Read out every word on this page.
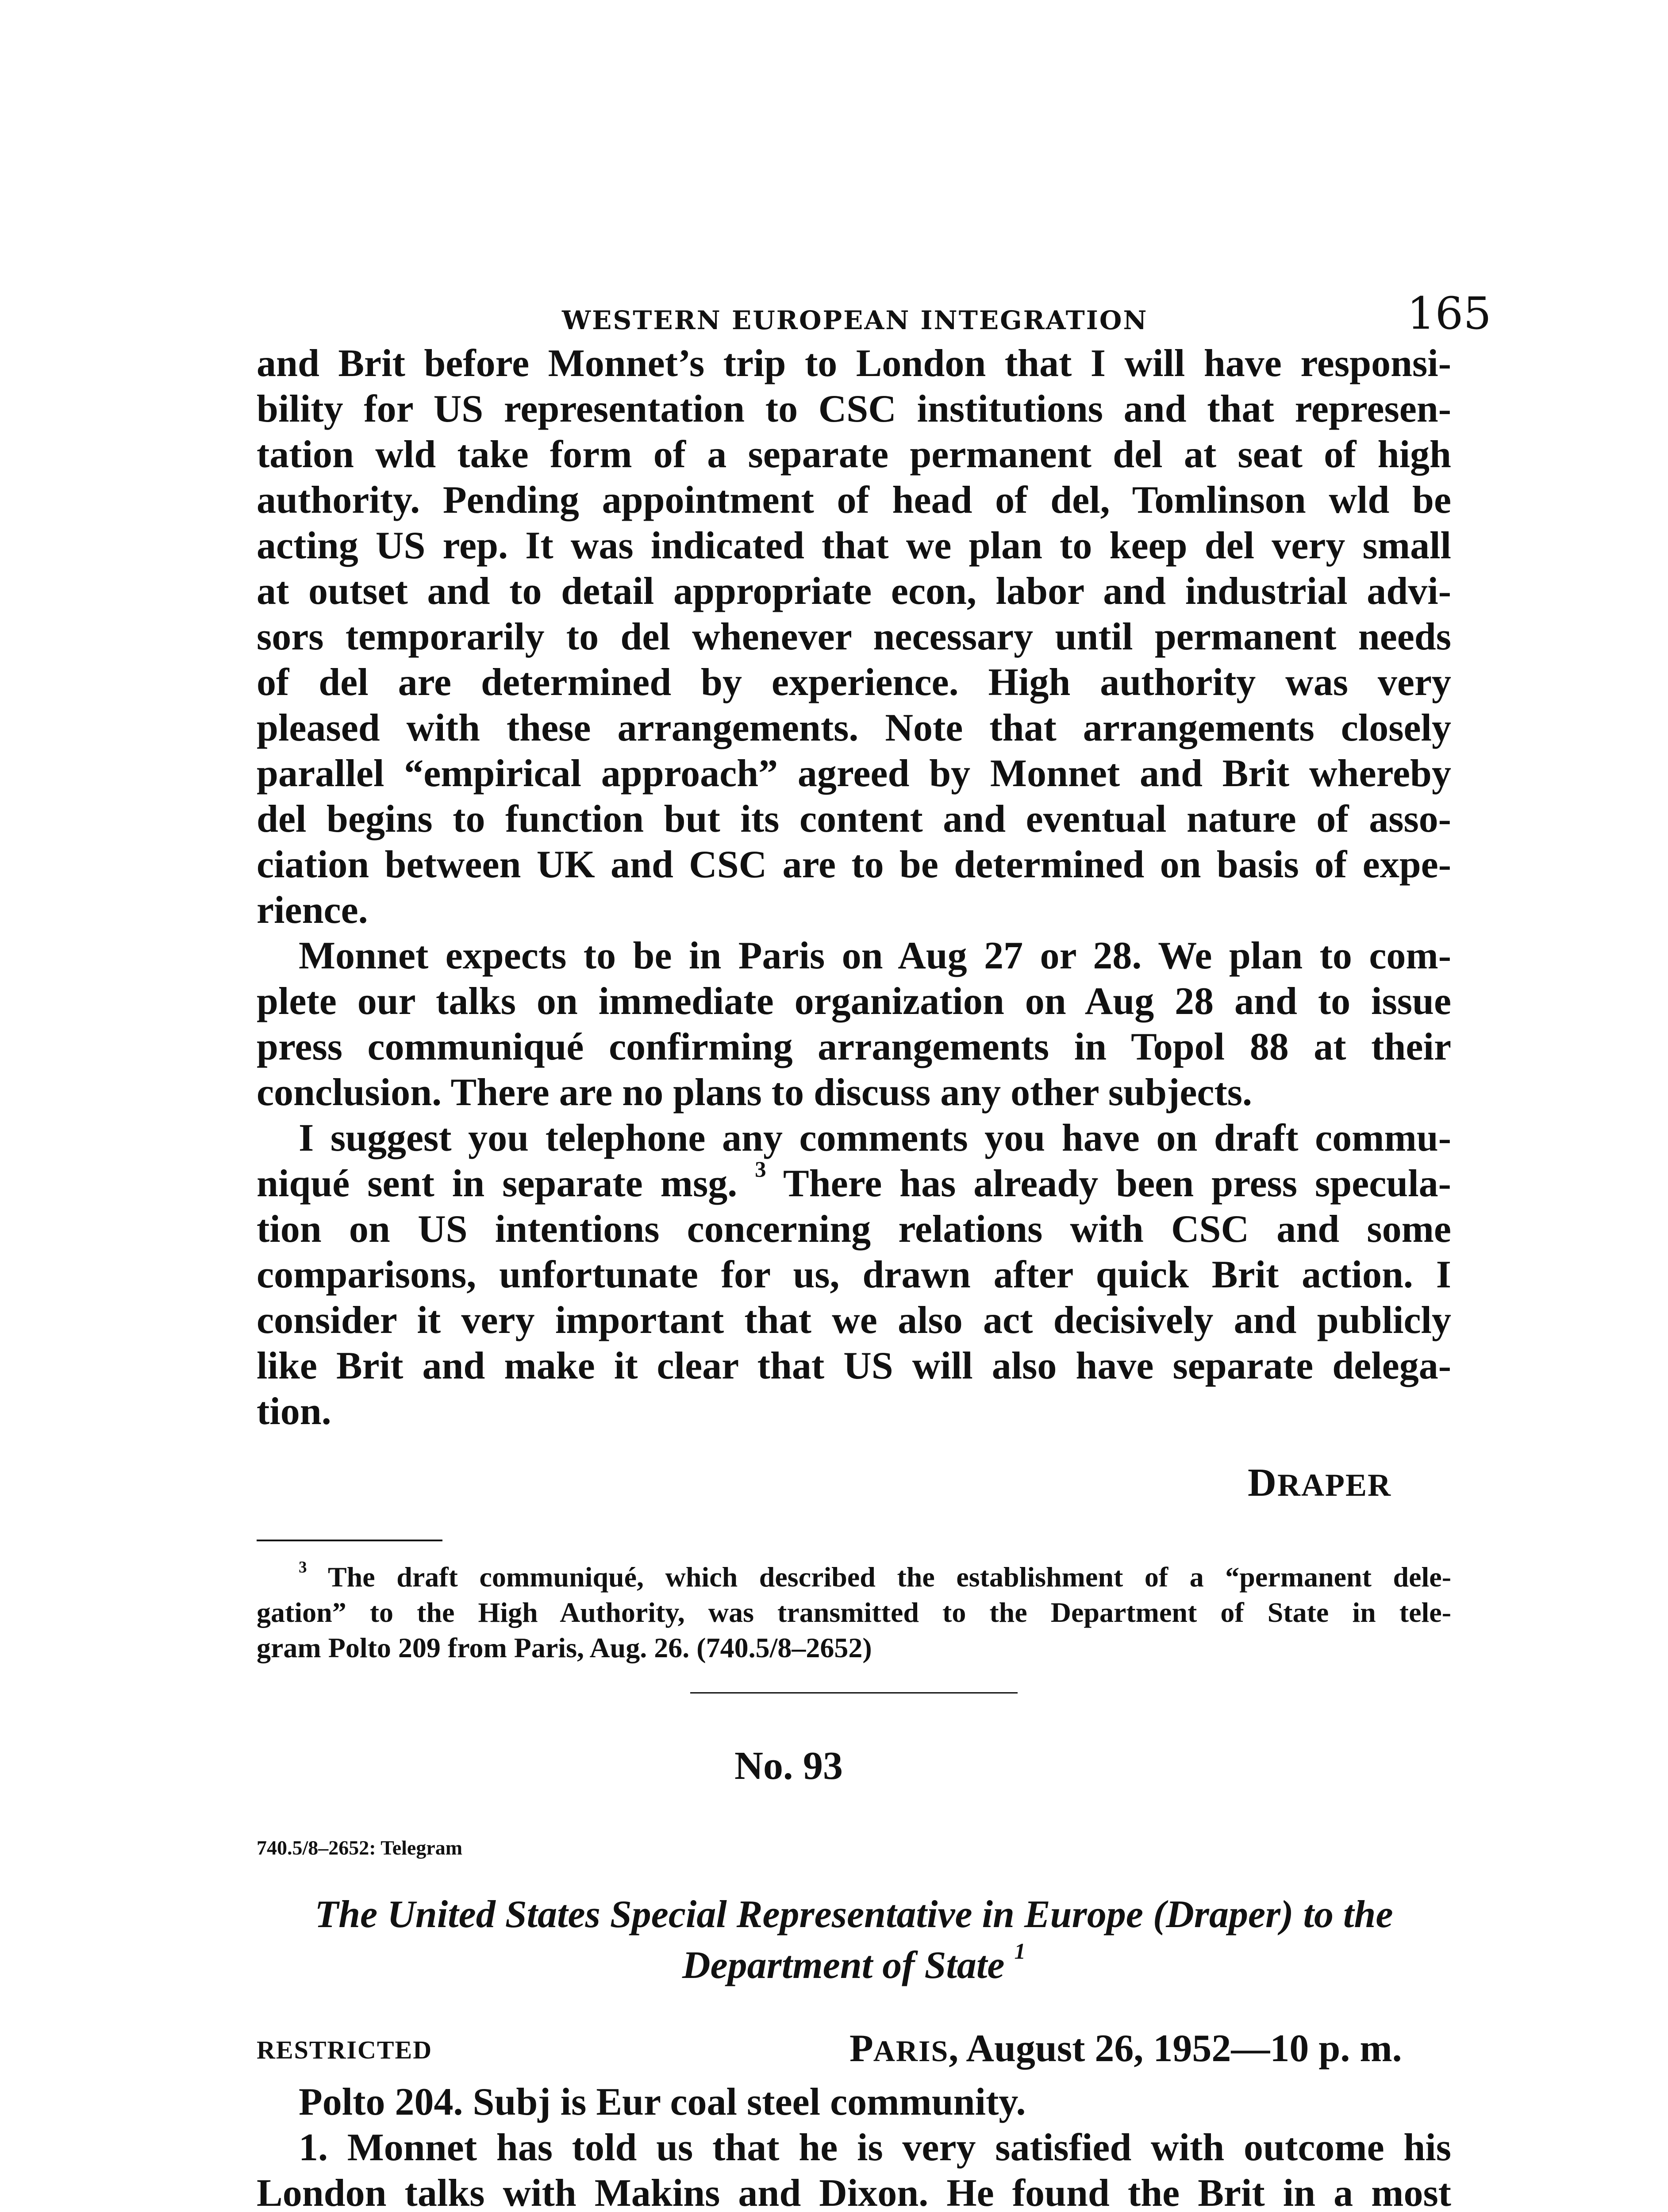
WESTERN EUROPEAN INTEGRATION	165
and Brit before Monnet’s trip to London that I will have responsi-
bility for US representation to CSC institutions and that represen-
tation wld take form of a separate permanent del at seat of high
authority. Pending appointment of head of del, Tomlinson wld be
acting US rep. It was indicated that we plan to keep del very small
at outset and to detail appropriate econ, labor and industrial advi-
sors temporarily to del whenever necessary until permanent needs
of del are determined by experience. High authority was very
pleased with these arrangements. Note that arrangements closely
parallel “empirical approach” agreed by Monnet and Brit whereby
del begins to function but its content and eventual nature of asso-
ciation between UK and CSC are to be determined on basis of expe-
rience.
Monnet expects to be in Paris on Aug 27 or 28. We plan to com-
plete our talks on immediate organization on Aug 28 and to issue
press communiqué confirming arrangements in Topol 88 at their
conclusion. There are no plans to discuss any other subjects.
I suggest you telephone any comments you have on draft commu-
niqué sent in separate msg. $^3$ There has already been press specula-
tion on US intentions concerning relations with CSC and some
comparisons, unfortunate for us, drawn after quick Brit action. I
consider it very important that we also act decisively and publicly
like Brit and make it clear that US will also have separate delega-
tion.
DRAPER
$^3$ The draft communiqué, which described the establishment of a “permanent dele-
gation” to the High Authority, was transmitted to the Department of State in tele-
gram Polto 209 from Paris, Aug. 26. (740.5/8–2652)
No. 93
740.5/8–2652: Telegram
The United States Special Representative in Europe (Draper) to the
Department of State $^1$
RESTRICTED	PARIS, August 26, 1952—10 p. m.
Polto 204. Subj is Eur coal steel community.
1. Monnet has told us that he is very satisfied with outcome his
London talks with Makins and Dixon. He found the Brit in a most
